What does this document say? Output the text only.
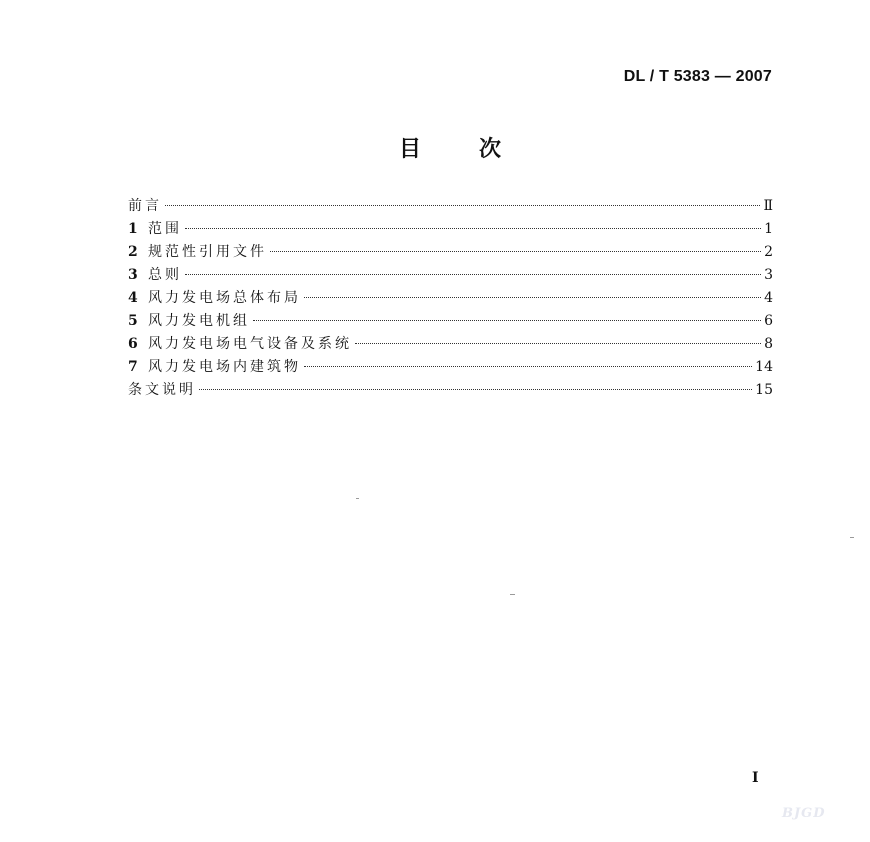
DL / T 5383 — 2007
目次
前言	Ⅱ
1 范围	1
2 规范性引用文件	2
3 总则	3
4 风力发电场总体布局	4
5 风力发电机组	6
6 风力发电场电气设备及系统	8
7 风力发电场内建筑物	14
条文说明	15
I
BJGD
